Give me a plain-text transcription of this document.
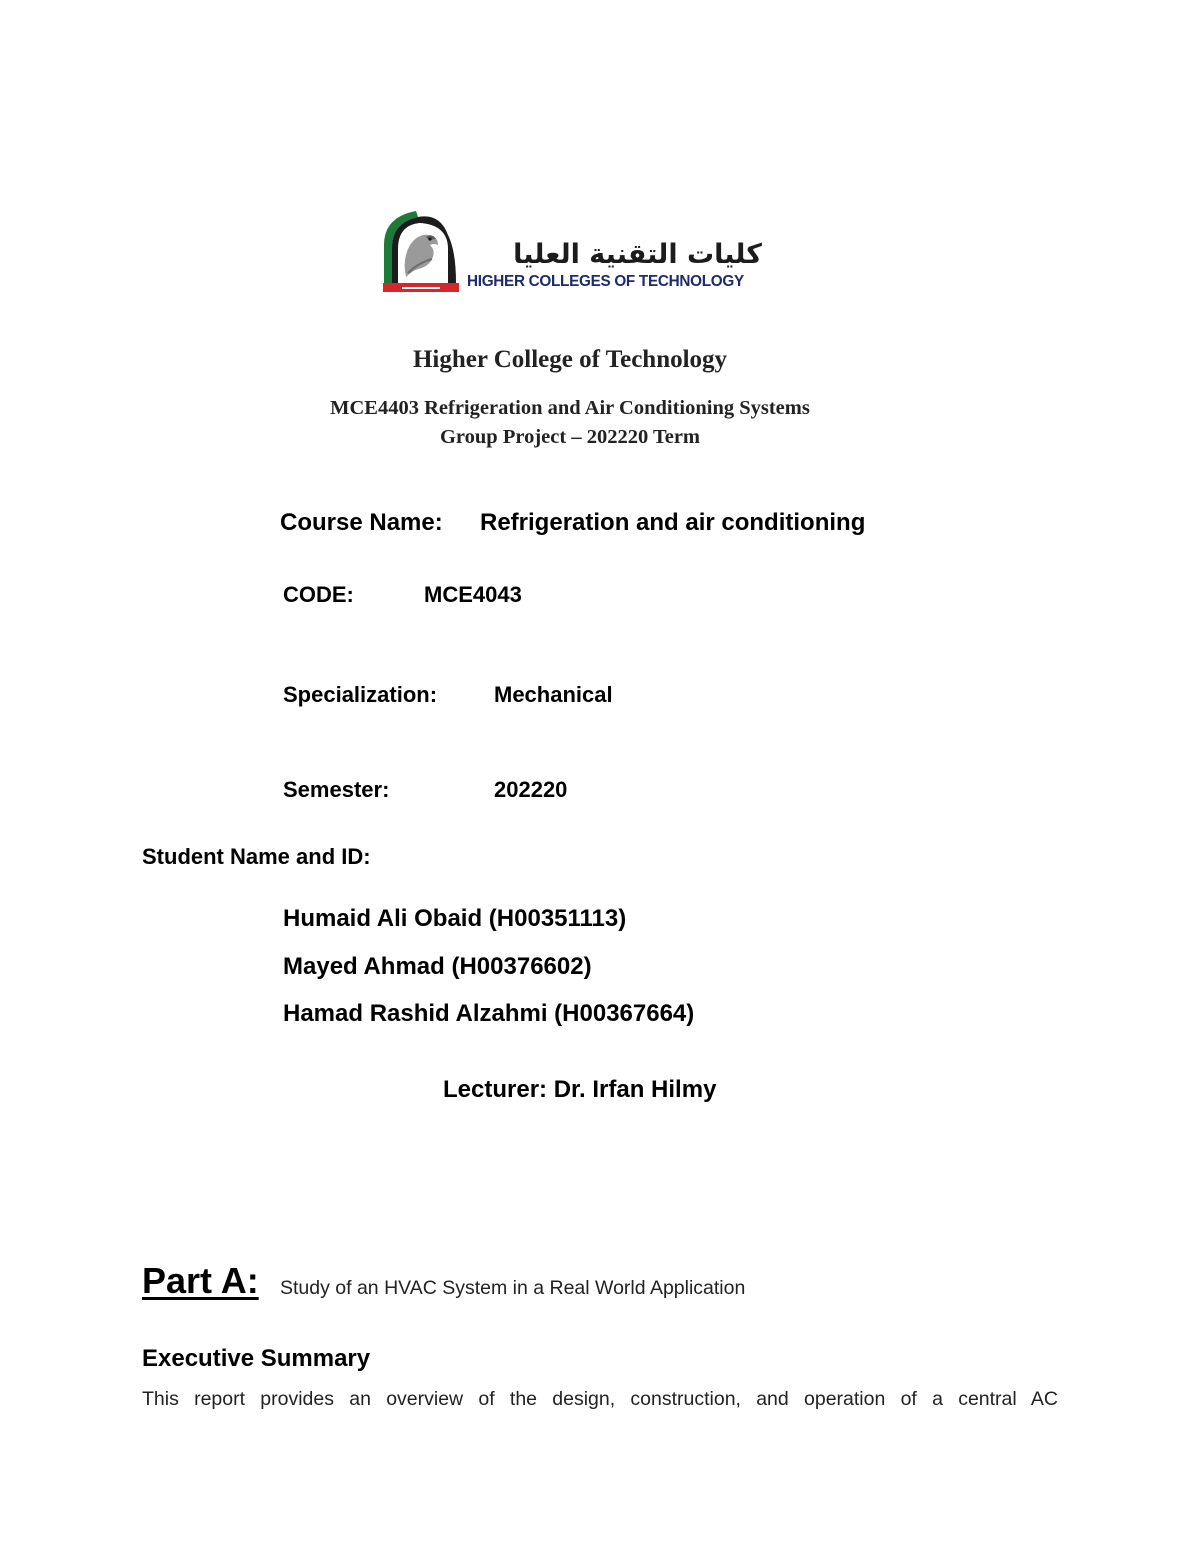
كليات التقنية العليا
HIGHER COLLEGES OF TECHNOLOGY
Higher College of Technology
MCE4403 Refrigeration and Air Conditioning Systems
Group Project – 202220 Term
Course Name: Refrigeration and air conditioning
CODE:	MCE4043
Specialization:	Mechanical
Semester:	202220
Student Name and ID:
Humaid Ali Obaid (H00351113)
Mayed Ahmad (H00376602)
Hamad Rashid Alzahmi (H00367664)
Lecturer: Dr. Irfan Hilmy
Part A: Study of an HVAC System in a Real World Application
Executive Summary
This report provides an overview of the design, construction, and operation of a central AC
